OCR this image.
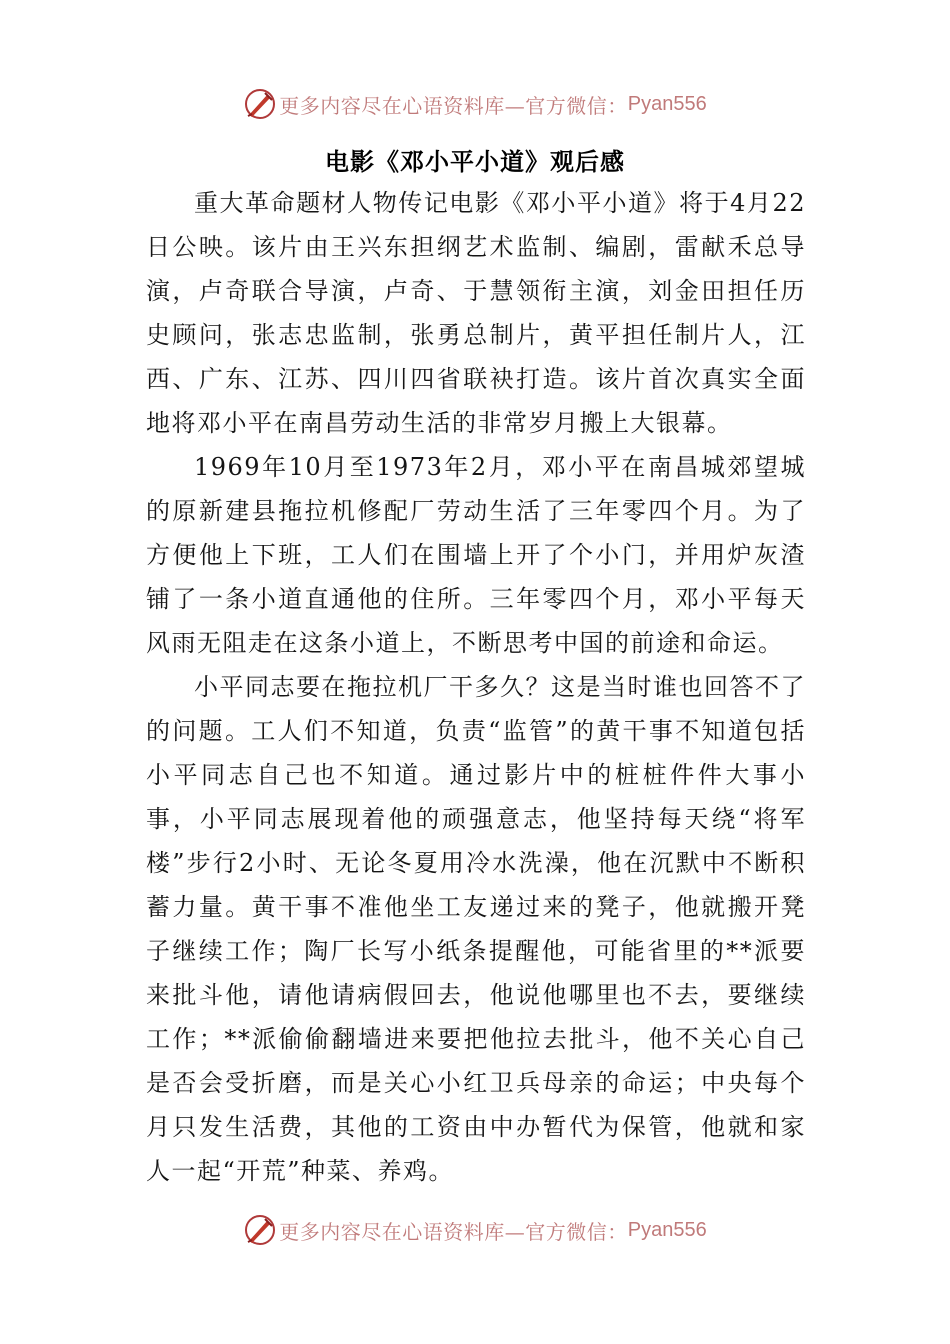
更多内容尽在心语资料库—官方微信： Pyan556
电影《邓小平小道》观后感

重大革命题材人物传记电影《邓小平小道》将于4月22日公映。该片由王兴东担纲艺术监制、编剧，雷献禾总导演，卢奇联合导演，卢奇、于慧领衔主演，刘金田担任历史顾问，张志忠监制，张勇总制片，黄平担任制片人，江西、广东、江苏、四川四省联袂打造。该片首次真实全面地将邓小平在南昌劳动生活的非常岁月搬上大银幕。

1969年10月至1973年2月，邓小平在南昌城郊望城的原新建县拖拉机修配厂劳动生活了三年零四个月。为了方便他上下班，工人们在围墙上开了个小门，并用炉灰渣铺了一条小道直通他的住所。三年零四个月，邓小平每天风雨无阻走在这条小道上，不断思考中国的前途和命运。

小平同志要在拖拉机厂干多久？这是当时谁也回答不了的问题。工人们不知道，负责“监管”的黄干事不知道包括小平同志自己也不知道。通过影片中的桩桩件件大事小事，小平同志展现着他的顽强意志，他坚持每天绕“将军楼”步行2小时、无论冬夏用冷水洗澡，他在沉默中不断积蓄力量。黄干事不准他坐工友递过来的凳子，他就搬开凳子继续工作；陶厂长写小纸条提醒他，可能省里的**派要来批斗他，请他请病假回去，他说他哪里也不去，要继续工作；**派偷偷翻墙进来要把他拉去批斗，他不关心自己是否会受折磨，而是关心小红卫兵母亲的命运；中央每个月只发生活费，其他的工资由中办暂代为保管，他就和家人一起“开荒”种菜、养鸡。

更多内容尽在心语资料库—官方微信： Pyan556
